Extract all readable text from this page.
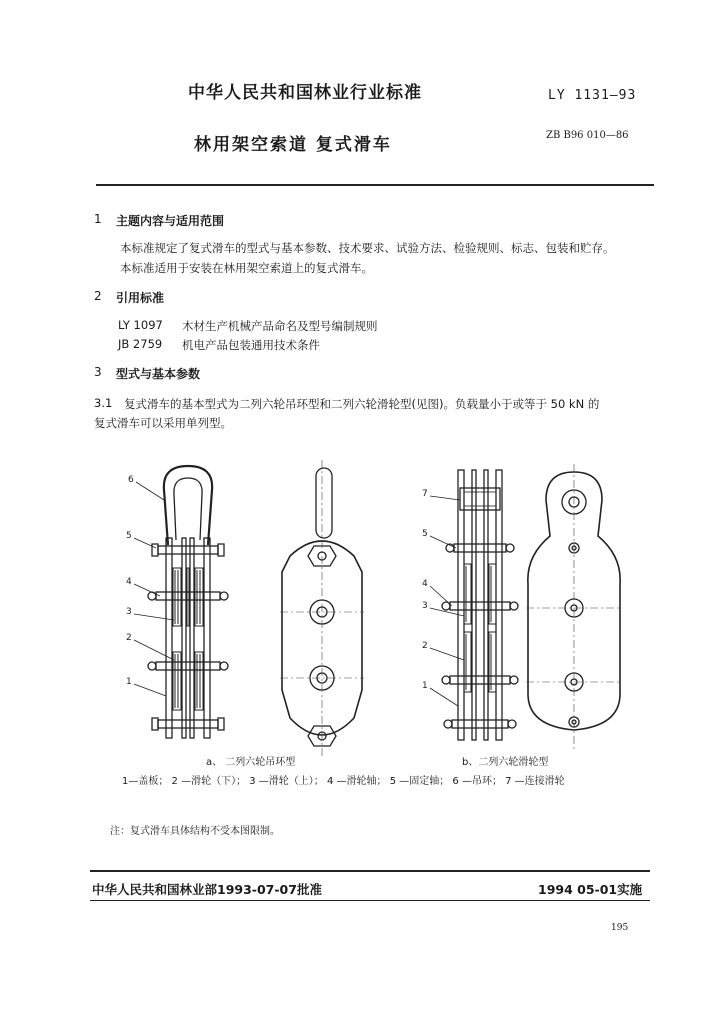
中华人民共和国林业行业标准	LY 1131—93
林用架空索道 复式滑车	ZB B96 010—86
1 主题内容与适用范围
本标准规定了复式滑车的型式与基本参数、技术要求、试验方法、检验规则、标志、包装和贮存。
本标准适用于安装在林用架空索道上的复式滑车。
2 引用标准
LY 1097 木材生产机械产品命名及型号编制规则
JB 2759 机电产品包装通用技术条件
3 型式与基本参数
3.1 复式滑车的基本型式为二列六轮吊环型和二列六轮滑轮型(见图)。负载量小于或等于 50 kN 的
复式滑车可以采用单列型。
6
5
4
3
2
1
7
5
4
3
2
1
a、 二列六轮吊环型	b、二列六轮滑轮型
1—盖板； 2 —滑轮（下）； 3 —滑轮（上）； 4 —滑轮轴； 5 —固定轴； 6 —吊环； 7 —连接滑轮
注：复式滑车具体结构不受本图限制。
中华人民共和国林业部1993-07-07批准	1994 05-01实施
195
